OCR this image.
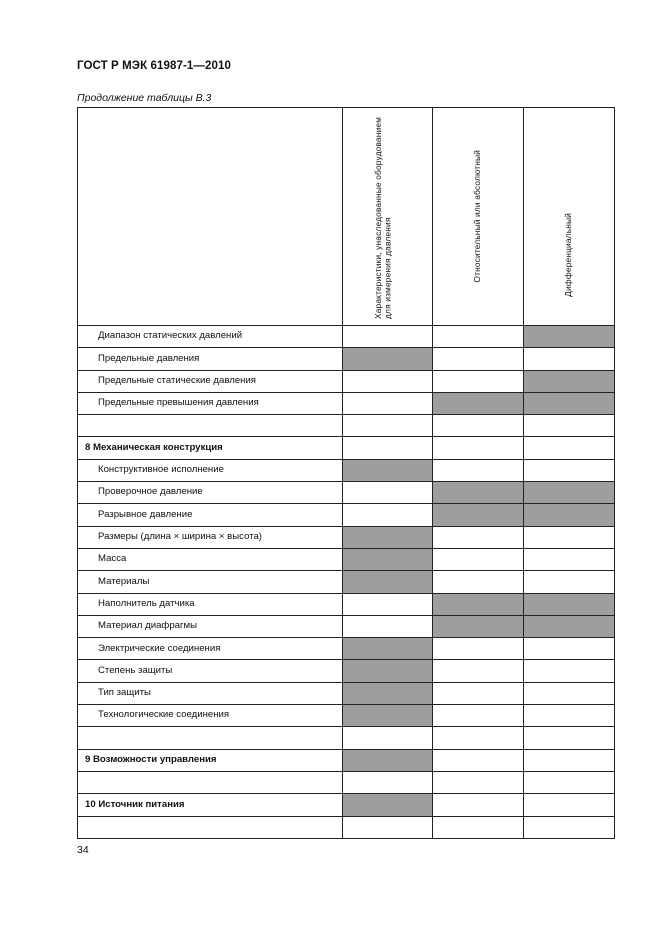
ГОСТ Р МЭК 61987-1—2010
Продолжение таблицы В.3

	Характеристики, унаследованные оборудованием для измерения давления	Относительный или абсолютный	Дифференциальный

Диапазон статических давлений			
Предельные давления			
Предельные статические давления			
Предельные превышения давления			

8 Механическая конструкция			
Конструктивное исполнение			
Проверочное давление			
Разрывное давление			
Размеры (длина × ширина × высота)			
Масса			
Материалы			
Наполнитель датчика			
Материал диафрагмы			
Электрические соединения			
Степень защиты			
Тип защиты			
Технологические соединения			

9 Возможности управления			

10 Источник питания			

34
